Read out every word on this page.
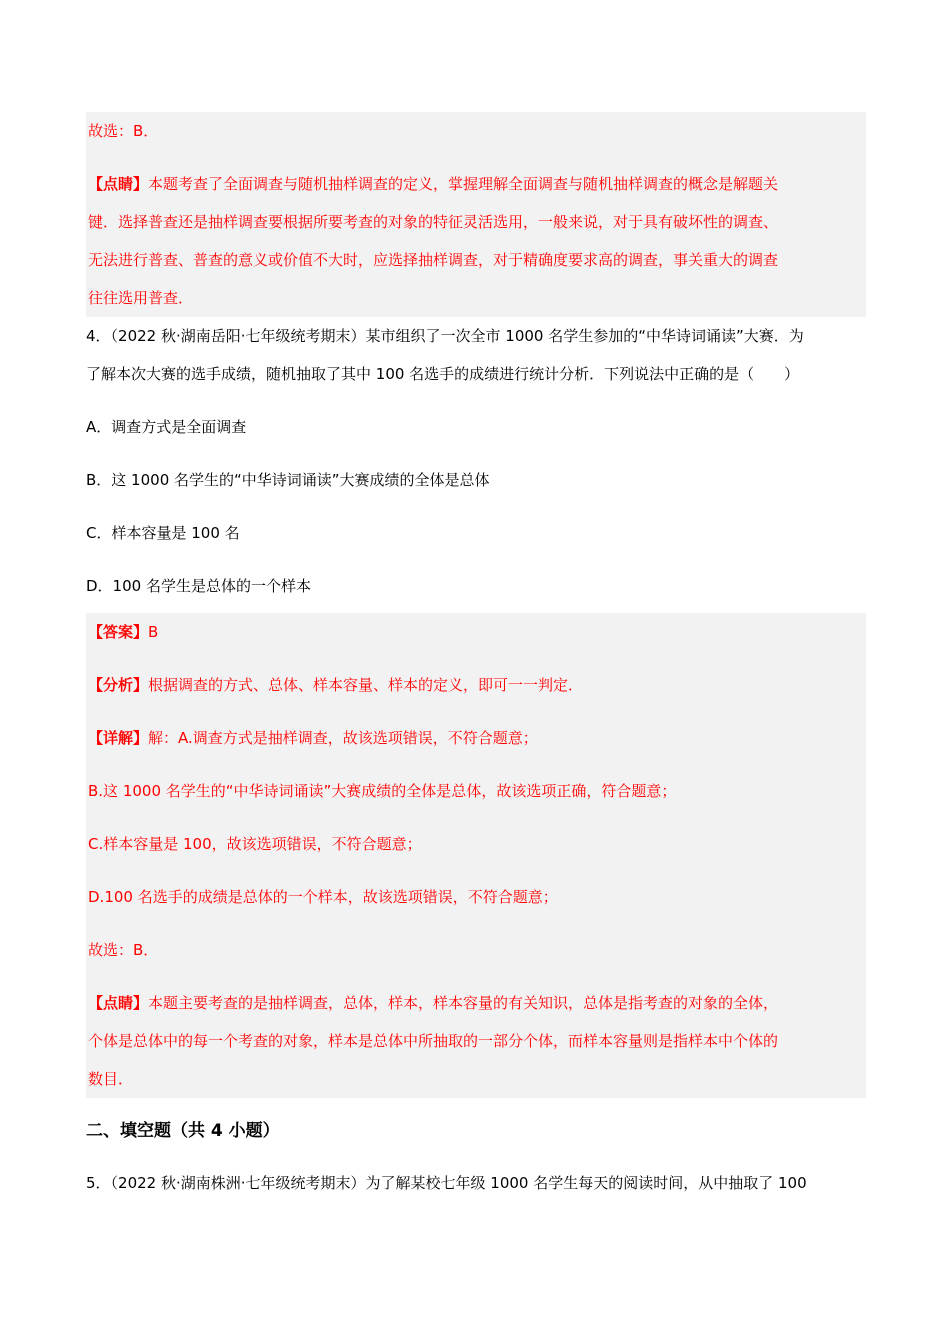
故选：B．

【点睛】本题考查了全面调查与随机抽样调查的定义，掌握理解全面调查与随机抽样调查的概念是解题关

键．选择普查还是抽样调查要根据所要考查的对象的特征灵活选用，一般来说，对于具有破坏性的调查、

无法进行普查、普查的意义或价值不大时，应选择抽样调查，对于精确度要求高的调查，事关重大的调查

往往选用普查．

4．（2022 秋·湖南岳阳·七年级统考期末）某市组织了一次全市 1000 名学生参加的“中华诗词诵读”大赛．为

了解本次大赛的选手成绩，随机抽取了其中 100 名选手的成绩进行统计分析．下列说法中正确的是（　　）

A．调查方式是全面调查

B．这 1000 名学生的“中华诗词诵读”大赛成绩的全体是总体

C．样本容量是 100 名

D．100 名学生是总体的一个样本

【答案】B

【分析】根据调查的方式、总体、样本容量、样本的定义，即可一一判定．

【详解】解：A.调查方式是抽样调查，故该选项错误，不符合题意；

B.这 1000 名学生的“中华诗词诵读”大赛成绩的全体是总体，故该选项正确，符合题意；

C.样本容量是 100，故该选项错误，不符合题意；

D.100 名选手的成绩是总体的一个样本，故该选项错误，不符合题意；

故选：B．

【点睛】本题主要考查的是抽样调查，总体，样本，样本容量的有关知识，总体是指考查的对象的全体，

个体是总体中的每一个考查的对象，样本是总体中所抽取的一部分个体，而样本容量则是指样本中个体的

数目．

二、填空题（共 4 小题）

5．（2022 秋·湖南株洲·七年级统考期末）为了解某校七年级 1000 名学生每天的阅读时间，从中抽取了 100
